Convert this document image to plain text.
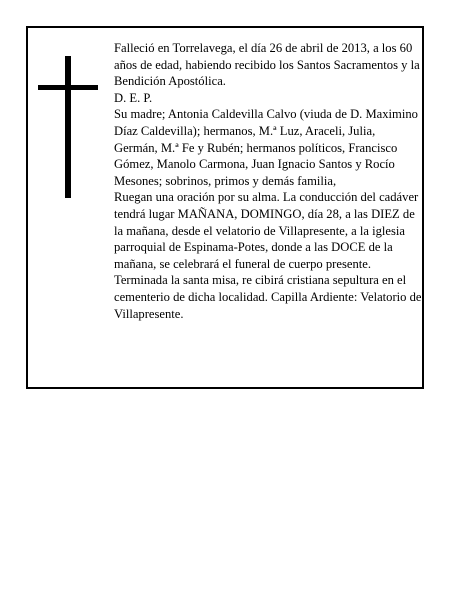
Falleció en Torrelavega, el día 26 de abril de 2013, a los 60 años de edad, habiendo recibido los Santos Sacramentos y la Bendición Apostólica.

D. E. P.

Su madre; Antonia Caldevilla Calvo (viuda de D. Maximino Díaz Caldevilla); hermanos, M.ª Luz, Araceli, Julia, Germán, M.ª Fe y Rubén; hermanos políticos, Francisco Gómez, Manolo Carmona, Juan Ignacio Santos y Rocío Mesones; sobrinos, primos y demás familia,

Ruegan una oración por su alma. La conducción del cadáver tendrá lugar MAÑANA, DOMINGO, día 28, a las DIEZ de la mañana, desde el velatorio de Villapresente, a la iglesia parroquial de Espinama-Potes, donde a las DOCE de la mañana, se celebrará el funeral de cuerpo presente. Terminada la santa misa, re cibirá cristiana sepultura en el cementerio de dicha localidad. Capilla Ardiente: Velatorio de Villapresente.
